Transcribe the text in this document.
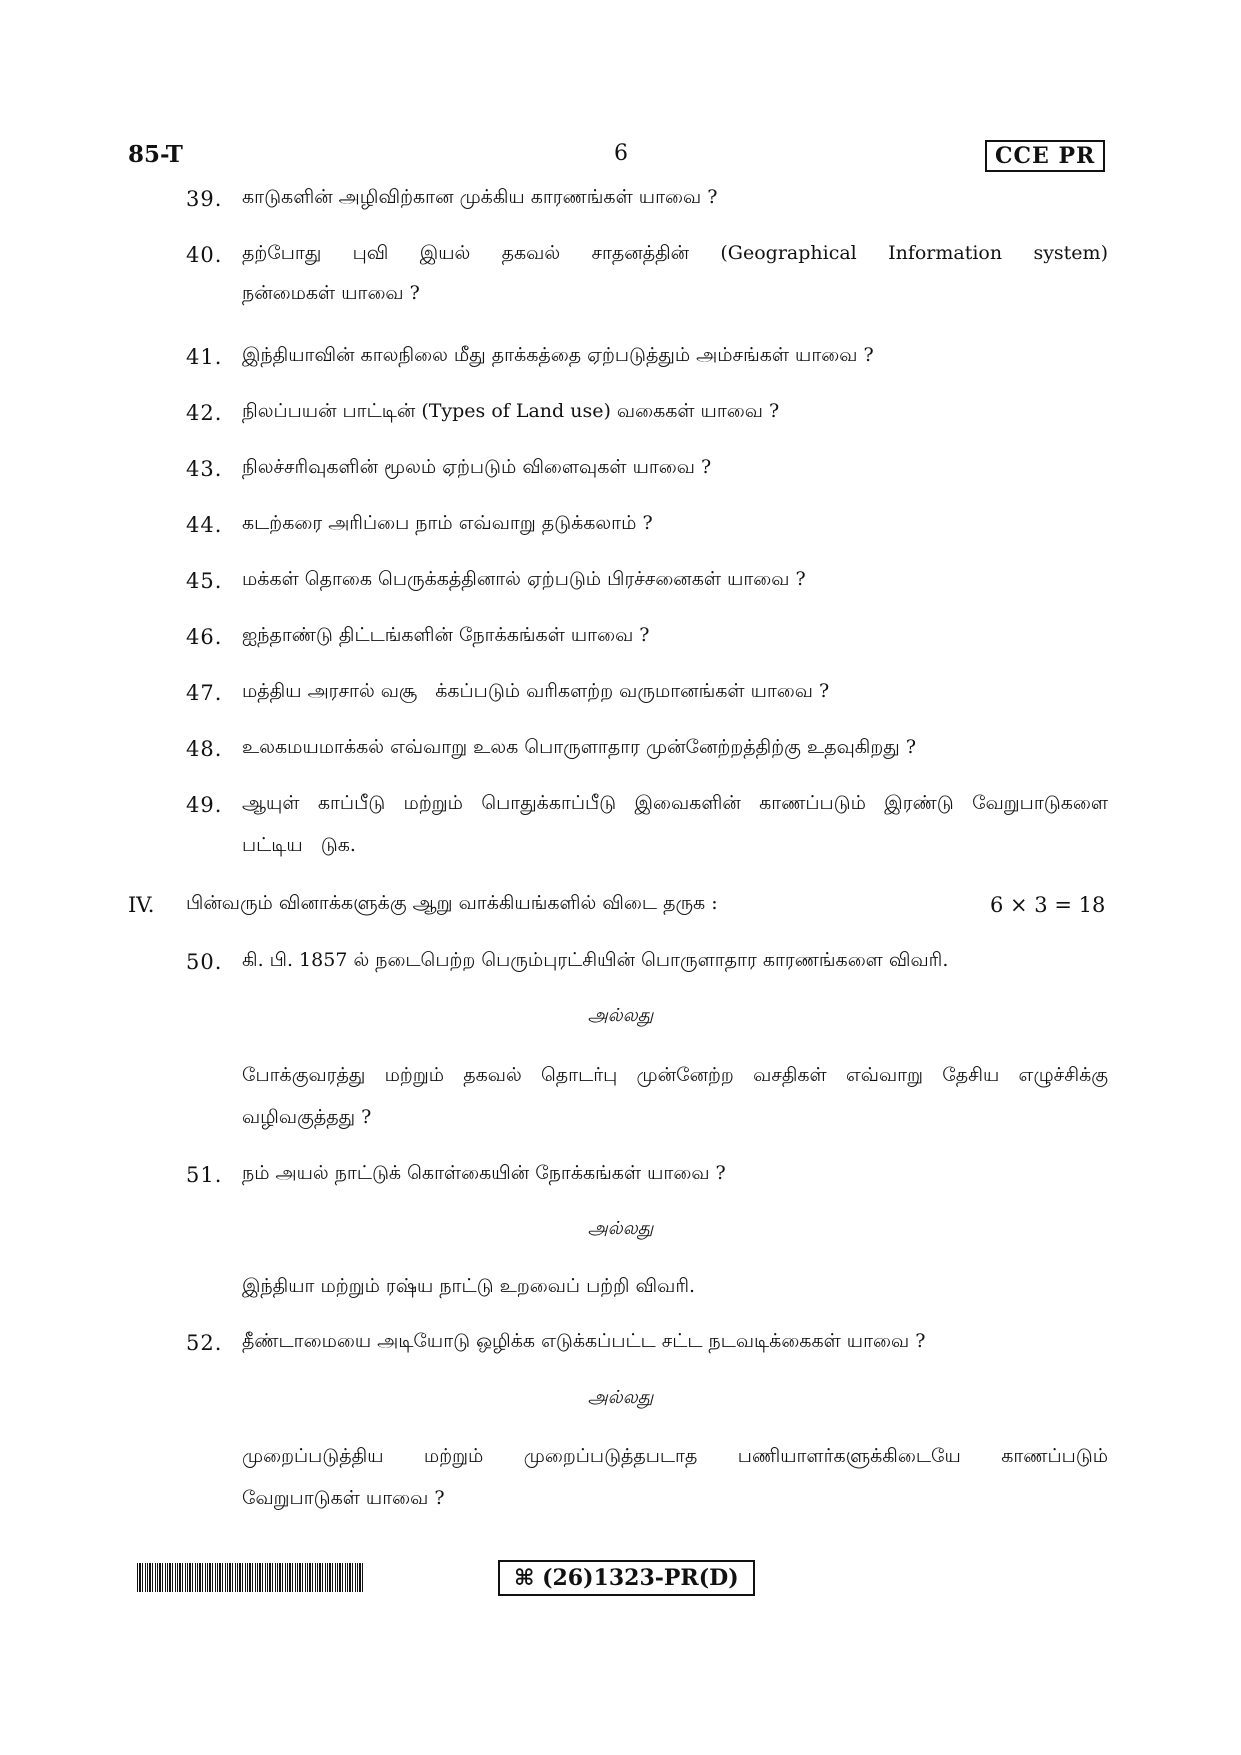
85-T	6	CCE PR
39. காடுகளின் அழிவிற்கான முக்கிய காரணங்கள் யாவை ?
40. தற்போது புவி இயல் தகவல் சாதனத்தின் (Geographical Information system)
நன்மைகள் யாவை ?
41. இந்தியாவின் காலநிலை மீது தாக்கத்தை ஏற்படுத்தும் அம்சங்கள் யாவை ?
42. நிலப்பயன் பாட்டின் (Types of Land use) வகைகள் யாவை ?
43. நிலச்சரிவுகளின் மூலம் ஏற்படும் விளைவுகள் யாவை ?
44. கடற்கரை அரிப்பை நாம் எவ்வாறு தடுக்கலாம் ?
45. மக்கள் தொகை பெருக்கத்தினால் ஏற்படும் பிரச்சனைகள் யாவை ?
46. ஐந்தாண்டு திட்டங்களின் நோக்கங்கள் யாவை ?
47. மத்திய அரசால் வசூ   க்கப்படும் வரிகளற்ற வருமானங்கள் யாவை ?
48. உலகமயமாக்கல் எவ்வாறு உலக பொருளாதார முன்னேற்றத்திற்கு உதவுகிறது ?
49. ஆயுள் காப்பீடு மற்றும் பொதுக்காப்பீடு இவைகளின் காணப்படும் இரண்டு வேறுபாடுகளை
பட்டிய   டுக.
IV. பின்வரும் வினாக்களுக்கு ஆறு வாக்கியங்களில் விடை தருக :	6 × 3 = 18
50. கி. பி. 1857 ல் நடைபெற்ற பெரும்புரட்சியின் பொருளாதார காரணங்களை விவரி.
அல்லது
போக்குவரத்து மற்றும் தகவல் தொடர்பு முன்னேற்ற வசதிகள் எவ்வாறு தேசிய எழுச்சிக்கு
வழிவகுத்தது ?
51. நம் அயல் நாட்டுக் கொள்கையின் நோக்கங்கள் யாவை ?
அல்லது
இந்தியா மற்றும் ரஷ்ய நாட்டு உறவைப் பற்றி விவரி.
52. தீண்டாமையை அடியோடு ஒழிக்க எடுக்கப்பட்ட சட்ட நடவடிக்கைகள் யாவை ?
அல்லது
முறைப்படுத்திய மற்றும் முறைப்படுத்தபடாத பணியாளர்களுக்கிடையே காணப்படும்
வேறுபாடுகள் யாவை ?
⌘ (26)1323-PR(D)
